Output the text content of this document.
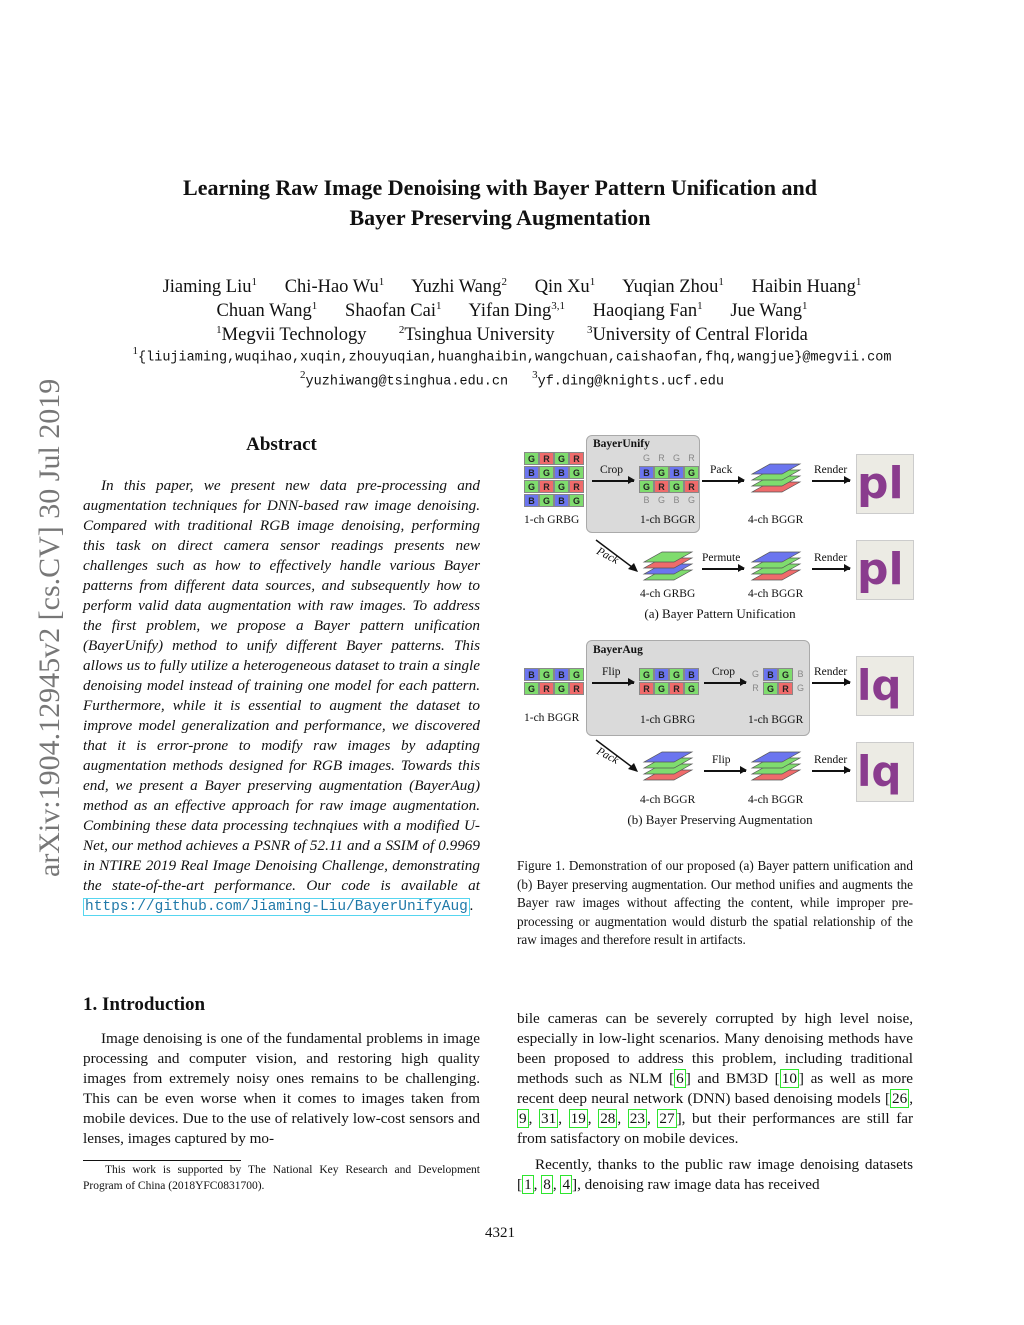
arXiv:1904.12945v2 [cs.CV] 30 Jul 2019
Learning Raw Image Denoising with Bayer Pattern Unification and
Bayer Preserving Augmentation
Jiaming Liu$^1$ Chi-Hao Wu$^1$ Yuzhi Wang$^2$ Qin Xu$^1$ Yuqian Zhou$^1$ Haibin Huang$^1$
Chuan Wang$^1$ Shaofan Cai$^1$ Yifan Ding$^{3,1}$ Haoqiang Fan$^1$ Jue Wang$^1$
$^1$Megvii Technology	$^2$Tsinghua University	$^3$University of Central Florida
$^1${liujiaming,wuqihao,xuqin,zhouyuqian,huanghaibin,wangchuan,caishaofan,fhq,wangjue}@megvii.com
$^2$yuzhiwang@tsinghua.edu.cn $^3$yf.ding@knights.ucf.edu
Abstract
In this paper, we present new data pre-processing and augmentation techniques for DNN-based raw image denoising. Compared with traditional RGB image denoising, performing this task on direct camera sensor readings presents new challenges such as how to effectively handle various Bayer patterns from different data sources, and subsequently how to perform valid data augmentation with raw images. To address the first problem, we propose a Bayer pattern unification (BayerUnify) method to unify different Bayer patterns. This allows us to fully utilize a heterogeneous dataset to train a single denoising model instead of training one model for each pattern. Furthermore, while it is essential to augment the dataset to improve model generalization and performance, we discovered that it is error-prone to modify raw images by adapting augmentation methods designed for RGB images. Towards this end, we present a Bayer preserving augmentation (BayerAug) method as an effective approach for raw image augmentation. Combining these data processing technqiues with a modified U-Net, our method achieves a PSNR of 52.11 and a SSIM of 0.9969 in NTIRE 2019 Real Image Denoising Challenge, demonstrating the state-of-the-art performance. Our code is available at https://github.com/Jiaming-Liu/BayerUnifyAug .
1. Introduction
Image denoising is one of the fundamental problems in image processing and computer vision, and restoring high quality images from extremely noisy ones remains to be challenging. This can be even worse when it comes to images taken from mobile devices. Due to the use of relatively low-cost sensors and lenses, images captured by mo-
This work is supported by The National Key Research and Development Program of China (2018YFC0831700).
bile cameras can be severely corrupted by high level noise, especially in low-light scenarios. Many denoising methods have been proposed to address this problem, including traditional methods such as NLM [ 6 ] and BM3D [ 10 ] as well as more recent deep neural network (DNN) based denoising models [ 26 , 9 , 31 , 19 , 28 , 23 , 27 ], but their performances are still far from satisfactory on mobile devices.
Recently, thanks to the public raw image denoising datasets [ 1 , 8 , 4 ], denoising raw image data has received
BayerUnify
G R G R
B G B G
G R G R
B G B G
1-ch GRBG
Crop
G R G R
B G B G
G R G R
B G B G
1-ch BGGR
Pack
4-ch BGGR
Render pl
Pack
4-ch GRBG
Permute
4-ch BGGR
Render pl
(a) Bayer Pattern Unification
BayerAug
B G B G
G R G R
1-ch BGGR
Flip	G B G B
R G R G
1-ch GBRG
Crop	G B G B
R G R G
1-ch BGGR
Render lq
Pack
4-ch BGGR
Flip
4-ch BGGR
Render lq
(b) Bayer Preserving Augmentation
Figure 1. Demonstration of our proposed (a) Bayer pattern unification and (b) Bayer preserving augmentation. Our method unifies and augments the Bayer raw images without affecting the content, while improper pre-processing or augmentation would disturb the spatial relationship of the raw images and therefore result in artifacts.
4321
